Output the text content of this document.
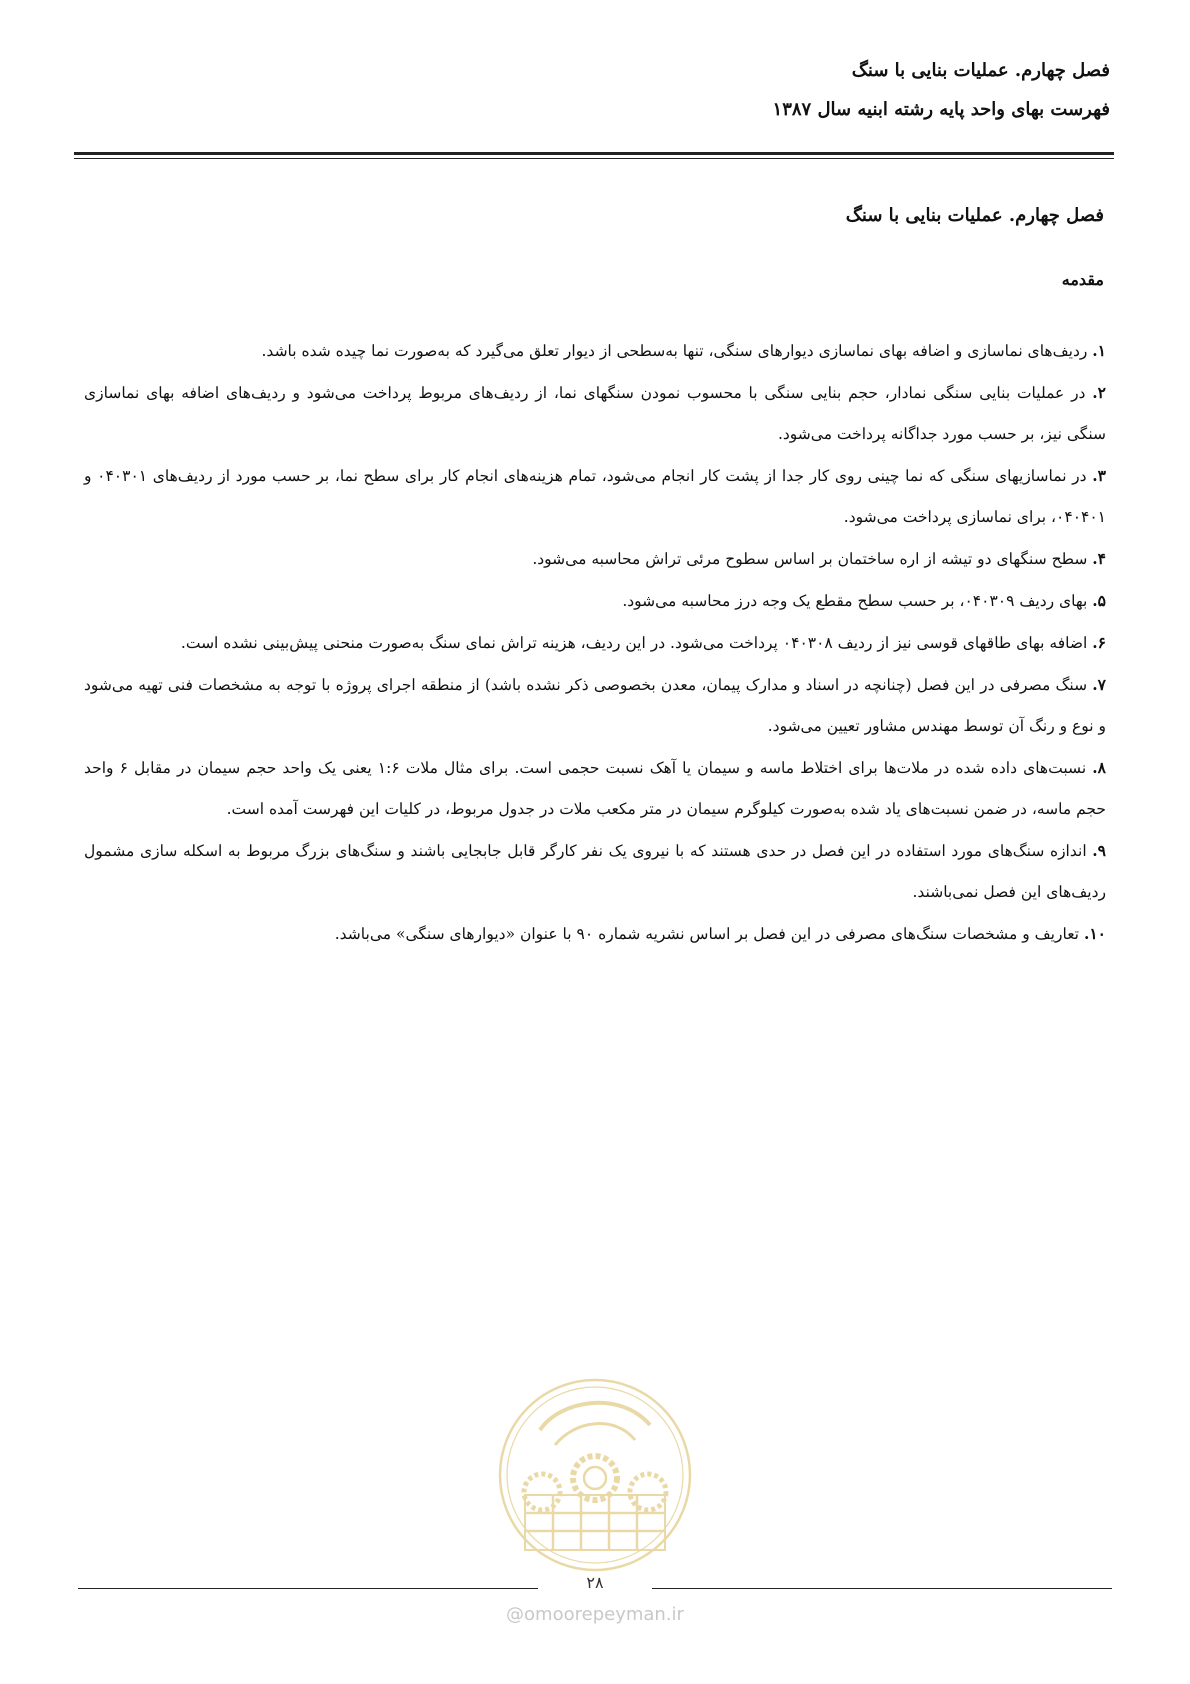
فصل چهارم. عملیات بنایی با سنگ

فهرست بهای واحد پایه رشته ابنیه سال ۱۳۸۷

فصل چهارم. عملیات بنایی با سنگ
مقدمه

۱. ردیف‌های نماسازی و اضافه بهای نماسازی دیوارهای سنگی، تنها به‌سطحی از دیوار تعلق می‌گیرد که به‌صورت نما چیده شده باشد.

۲. در عملیات بنایی سنگی نمادار، حجم بنایی سنگی با محسوب نمودن سنگهای نما، از ردیف‌های مربوط پرداخت می‌شود و ردیف‌های اضافه بهای نماسازی سنگی نیز، بر حسب مورد جداگانه پرداخت می‌شود.

۳. در نماسازیهای سنگی که نما چینی روی کار جدا از پشت کار انجام می‌شود، تمام هزینه‌های انجام کار برای سطح نما، بر حسب مورد از ردیف‌های ۰۴۰۳۰۱ و ۰۴۰۴۰۱، برای نماسازی پرداخت می‌شود.

۴. سطح سنگهای دو تیشه از اره ساختمان بر اساس سطوح مرئی تراش محاسبه می‌شود.

۵. بهای ردیف ۰۴۰۳۰۹، بر حسب سطح مقطع یک وجه درز محاسبه می‌شود.

۶. اضافه بهای طاقهای قوسی نیز از ردیف ۰۴۰۳۰۸ پرداخت می‌شود. در این ردیف، هزینه تراش نمای سنگ به‌صورت منحنی پیش‌بینی نشده است.

۷. سنگ مصرفی در این فصل (چنانچه در اسناد و مدارک پیمان، معدن بخصوصی ذکر نشده باشد) از منطقه اجرای پروژه با توجه به مشخصات فنی تهیه می‌شود و نوع و رنگ آن توسط مهندس مشاور تعیین می‌شود.

۸. نسبت‌های داده شده در ملات‌ها برای اختلاط ماسه و سیمان یا آهک نسبت حجمی است. برای مثال ملات ۱:۶ یعنی یک واحد حجم سیمان در مقابل ۶ واحد حجم ماسه، در ضمن نسبت‌های یاد شده به‌صورت کیلوگرم سیمان در متر مکعب ملات در جدول مربوط، در کلیات این فهرست آمده است.

۹. اندازه سنگ‌های مورد استفاده در این فصل در حدی هستند که با نیروی یک نفر کارگر قابل جابجایی باشند و سنگ‌های بزرگ مربوط به اسکله سازی مشمول ردیف‌های این فصل نمی‌باشند.

۱۰. تعاریف و مشخصات سنگ‌های مصرفی در این فصل بر اساس نشریه شماره ۹۰ با عنوان «دیوارهای سنگی» می‌باشد.

۲۸
@omoorepeyman.ir
